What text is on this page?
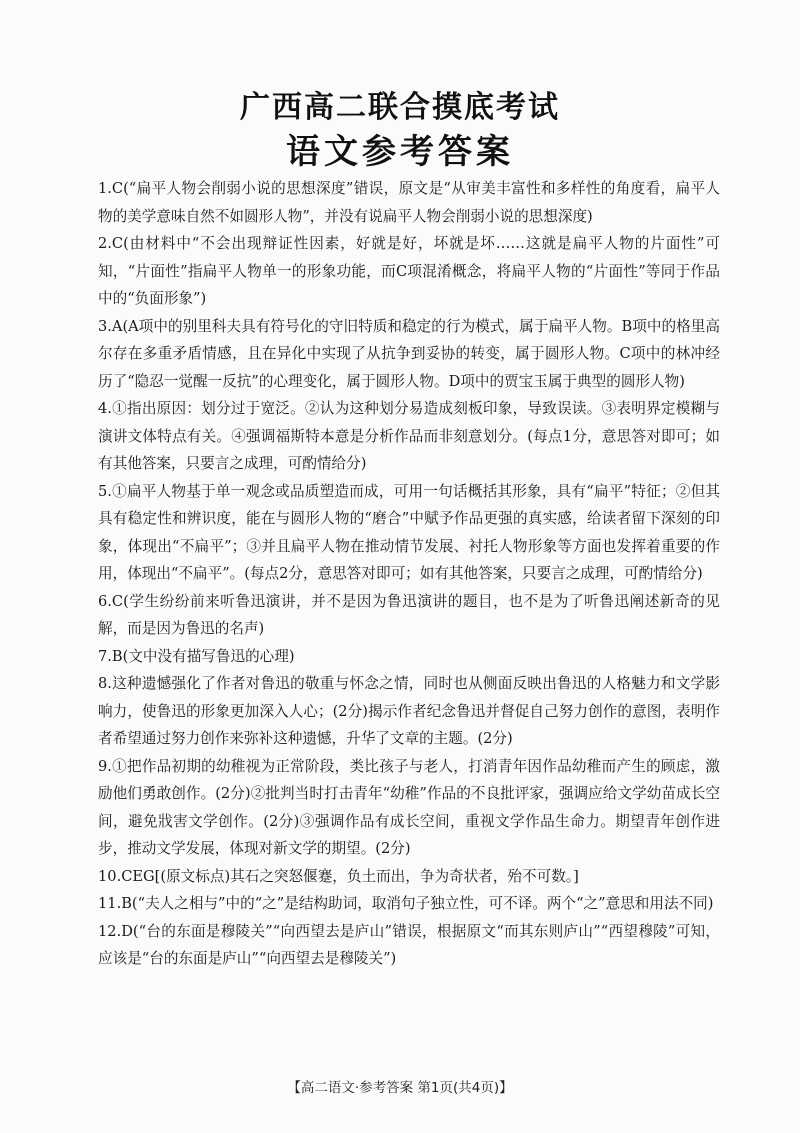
广西高二联合摸底考试
语文参考答案

1.C(“扁平人物会削弱小说的思想深度”错误，原文是“从审美丰富性和多样性的角度看，扁平人物的美学意味自然不如圆形人物”，并没有说扁平人物会削弱小说的思想深度)

2.C(由材料中“不会出现辩证性因素，好就是好，坏就是坏……这就是扁平人物的片面性”可知，“片面性”指扁平人物单一的形象功能，而C项混淆概念，将扁平人物的“片面性”等同于作品中的“负面形象”)

3.A(A项中的别里科夫具有符号化的守旧特质和稳定的行为模式，属于扁平人物。B项中的格里高尔存在多重矛盾情感，且在异化中实现了从抗争到妥协的转变，属于圆形人物。C项中的林冲经历了“隐忍一觉醒一反抗”的心理变化，属于圆形人物。D项中的贾宝玉属于典型的圆形人物)

4.①指出原因：划分过于宽泛。②认为这种划分易造成刻板印象，导致误读。③表明界定模糊与演讲文体特点有关。④强调福斯特本意是分析作品而非刻意划分。(每点1分，意思答对即可；如有其他答案，只要言之成理，可酌情给分)

5.①扁平人物基于单一观念或品质塑造而成，可用一句话概括其形象，具有“扁平”特征；②但其具有稳定性和辨识度，能在与圆形人物的“磨合”中赋予作品更强的真实感，给读者留下深刻的印象，体现出“不扁平”；③并且扁平人物在推动情节发展、衬托人物形象等方面也发挥着重要的作用，体现出“不扁平”。(每点2分，意思答对即可；如有其他答案，只要言之成理，可酌情给分)

6.C(学生纷纷前来听鲁迅演讲，并不是因为鲁迅演讲的题目，也不是为了听鲁迅阐述新奇的见解，而是因为鲁迅的名声)

7.B(文中没有描写鲁迅的心理)

8.这种遗憾强化了作者对鲁迅的敬重与怀念之情，同时也从侧面反映出鲁迅的人格魅力和文学影响力，使鲁迅的形象更加深入人心；(2分)揭示作者纪念鲁迅并督促自己努力创作的意图，表明作者希望通过努力创作来弥补这种遗憾，升华了文章的主题。(2分)

9.①把作品初期的幼稚视为正常阶段，类比孩子与老人，打消青年因作品幼稚而产生的顾虑，激励他们勇敢创作。(2分)②批判当时打击青年“幼稚”作品的不良批评家，强调应给文学幼苗成长空间，避免戕害文学创作。(2分)③强调作品有成长空间，重视文学作品生命力。期望青年创作进步，推动文学发展，体现对新文学的期望。(2分)

10.CEG[(原文标点)其石之突怒偃蹇，负土而出，争为奇状者，殆不可数。]

11.B(“夫人之相与”中的“之”是结构助词，取消句子独立性，可不译。两个“之”意思和用法不同)

12.D(“台的东面是穆陵关”“向西望去是庐山”错误，根据原文“而其东则庐山”“西望穆陵”可知，应该是“台的东面是庐山”“向西望去是穆陵关”)

【高二语文·参考答案 第1页(共4页)】
